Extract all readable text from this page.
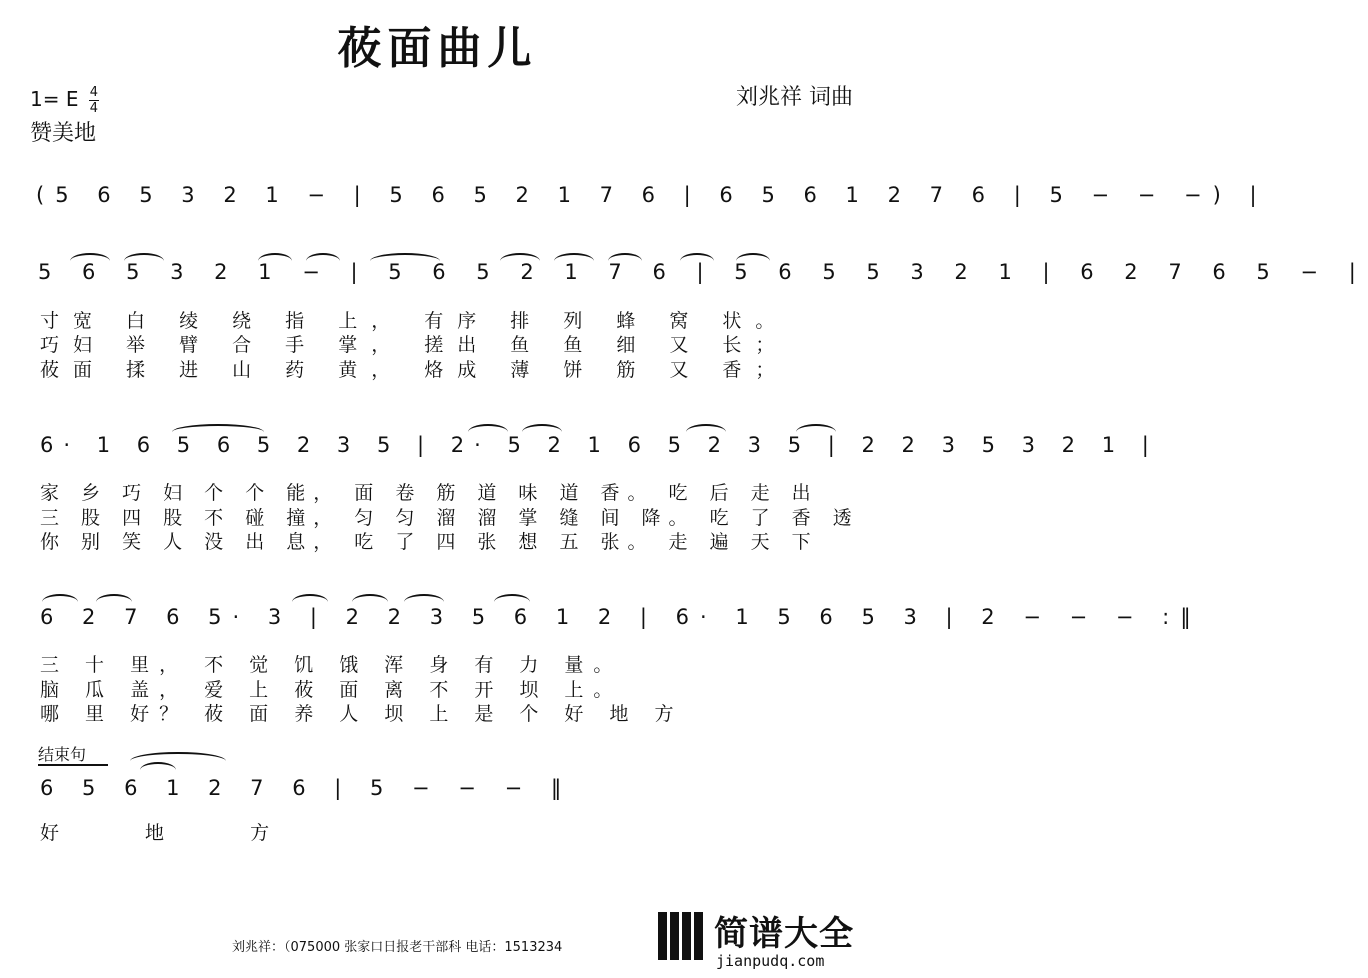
莜面曲儿
1= E $\frac{4}{4}$
赞美地
刘兆祥 词曲
(5 6 5 3 2 1 − | 5 6 5 2 1 7 6 | 6 5 6 1 2 7 6 | 5 − − −) |
5 6 5 3 2 1 − | 5 6 5 2 1 7 6 | 5 6 5 5 3 2 1 | 6 2 7 6 5 − |
寸宽 白 绫 绕 指 上， 有序 排 列 蜂 窝 状。
巧妇 举 臂 合 手 掌， 搓出 鱼 鱼 细 又 长；
莜面 揉 进 山 药 黄， 烙成 薄 饼 筋 又 香；
6· 1 6 5 6 5 2 3 5 | 2· 5 2 1 6 5 2 3 5 | 2 2 3 5 3 2 1 |
家 乡 巧 妇 个 个 能， 面 卷 筋 道 味 道 香。 吃 后 走 出
三 股 四 股 不 碰 撞， 匀 匀 溜 溜 掌 缝 间 降。 吃 了 香 透
你 别 笑 人 没 出 息， 吃 了 四 张 想 五 张。 走 遍 天 下
6 2 7 6 5· 3 | 2 2 3 5 6 1 2 | 6· 1 5 6 5 3 | 2 − − − :‖
三 十 里， 不 觉 饥 饿 浑 身 有 力 量。
脑 瓜 盖， 爱 上 莜 面 离 不 开 坝 上。
哪 里 好？ 莜 面 养 人 坝 上 是 个 好 地 方
结束句
6 5 6 1 2 7 6 | 5 − − − ‖
好 地 方
刘兆祥：（075000 张家口日报老干部科 电话：1513234	简谱大全
jianpudq.com
